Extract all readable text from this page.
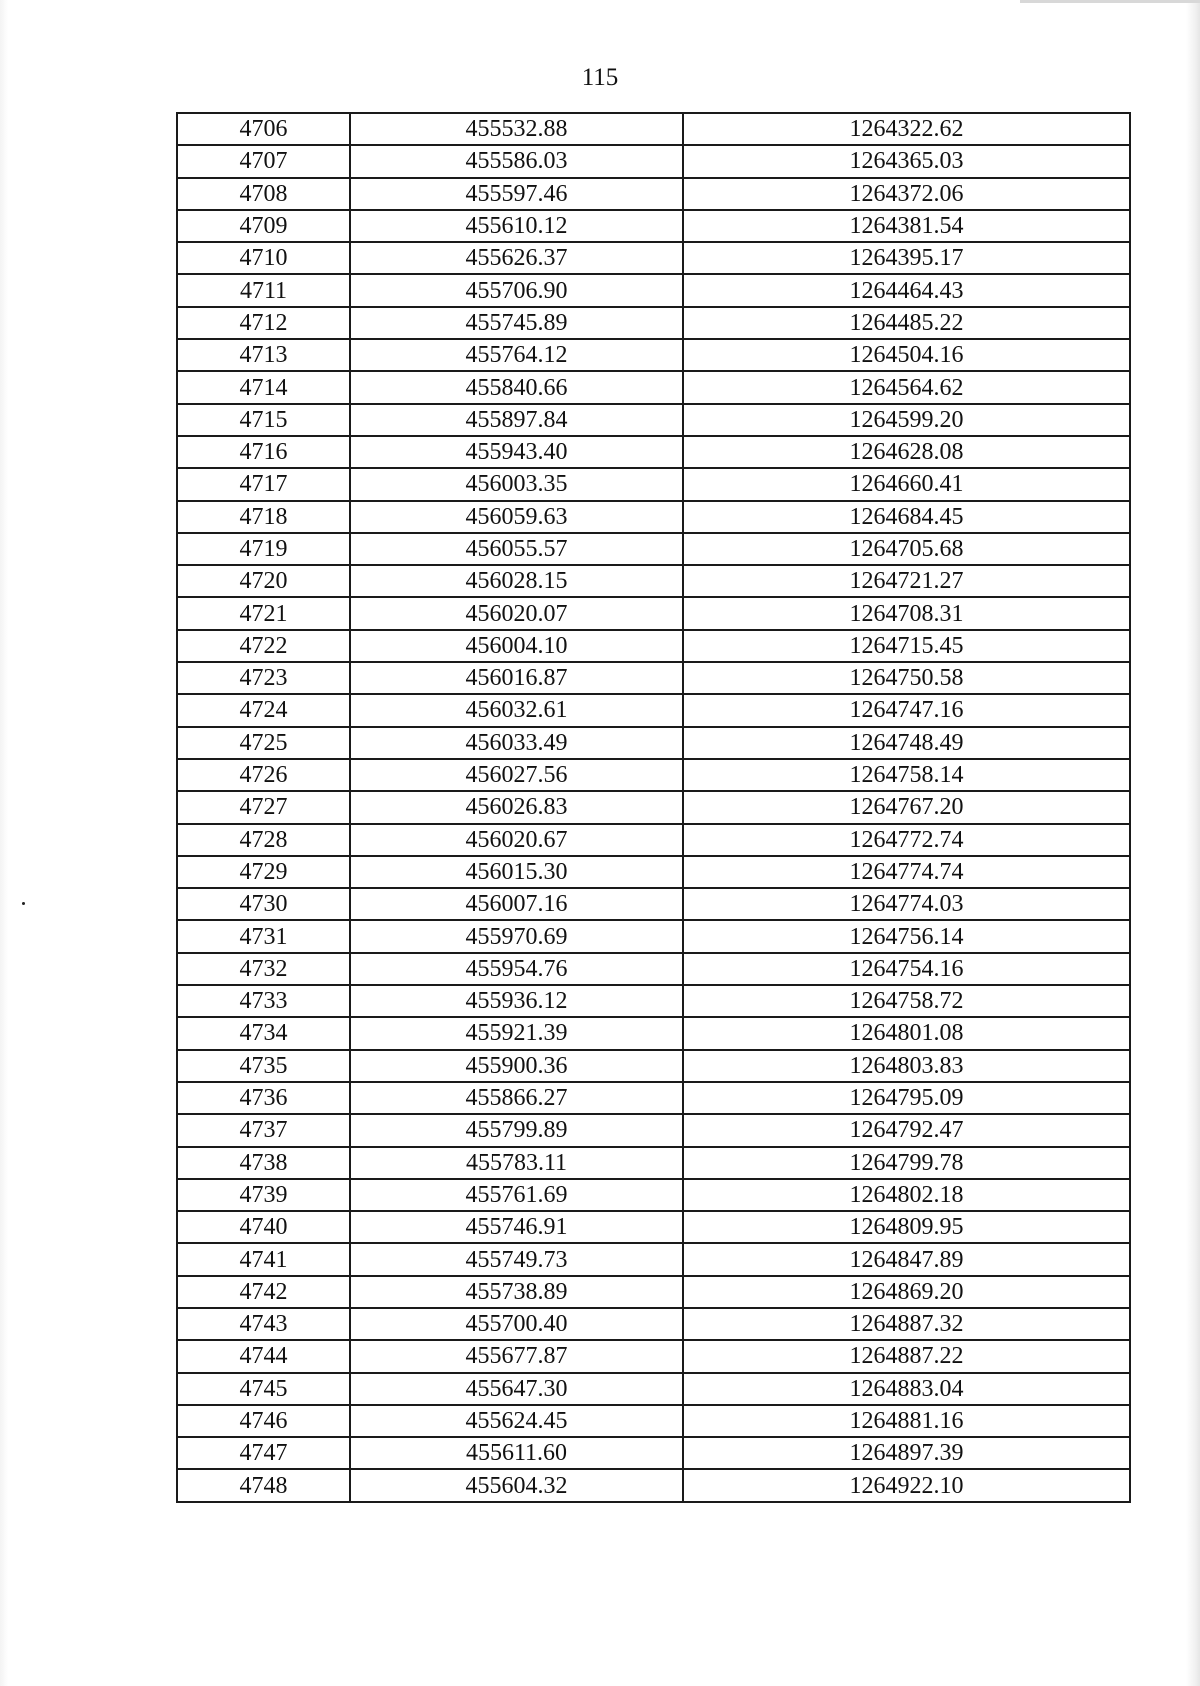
115
4706	455532.88	1264322.62
4707	455586.03	1264365.03
4708	455597.46	1264372.06
4709	455610.12	1264381.54
4710	455626.37	1264395.17
4711	455706.90	1264464.43
4712	455745.89	1264485.22
4713	455764.12	1264504.16
4714	455840.66	1264564.62
4715	455897.84	1264599.20
4716	455943.40	1264628.08
4717	456003.35	1264660.41
4718	456059.63	1264684.45
4719	456055.57	1264705.68
4720	456028.15	1264721.27
4721	456020.07	1264708.31
4722	456004.10	1264715.45
4723	456016.87	1264750.58
4724	456032.61	1264747.16
4725	456033.49	1264748.49
4726	456027.56	1264758.14
4727	456026.83	1264767.20
4728	456020.67	1264772.74
4729	456015.30	1264774.74
4730	456007.16	1264774.03
4731	455970.69	1264756.14
4732	455954.76	1264754.16
4733	455936.12	1264758.72
4734	455921.39	1264801.08
4735	455900.36	1264803.83
4736	455866.27	1264795.09
4737	455799.89	1264792.47
4738	455783.11	1264799.78
4739	455761.69	1264802.18
4740	455746.91	1264809.95
4741	455749.73	1264847.89
4742	455738.89	1264869.20
4743	455700.40	1264887.32
4744	455677.87	1264887.22
4745	455647.30	1264883.04
4746	455624.45	1264881.16
4747	455611.60	1264897.39
4748	455604.32	1264922.10
